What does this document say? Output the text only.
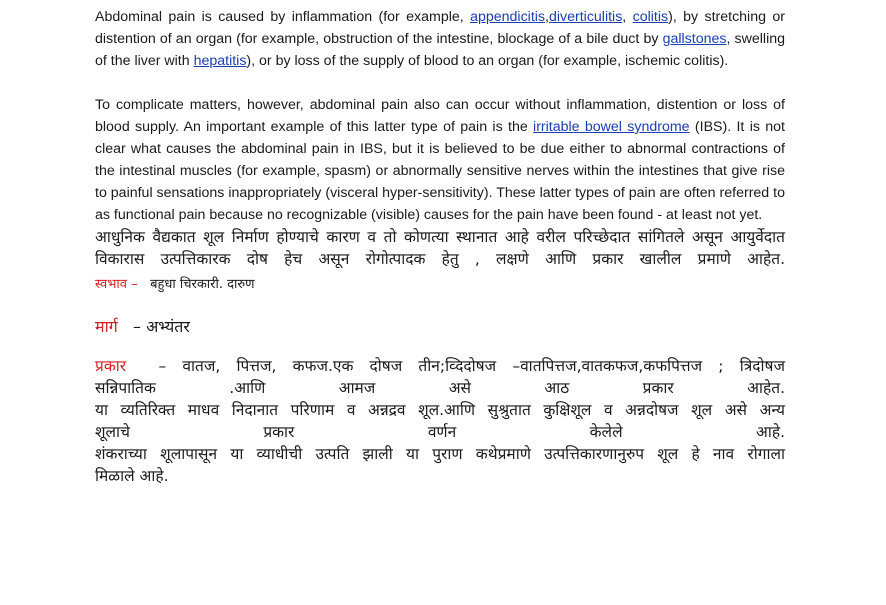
Abdominal pain is caused by inflammation (for example, appendicitis,diverticulitis, colitis), by stretching or distention of an organ (for example, obstruction of the intestine, blockage of a bile duct by gallstones, swelling of the liver with hepatitis), or by loss of the supply of blood to an organ (for example, ischemic colitis).

To complicate matters, however, abdominal pain also can occur without inflammation, distention or loss of blood supply. An important example of this latter type of pain is the irritable bowel syndrome (IBS). It is not clear what causes the abdominal pain in IBS, but it is believed to be due either to abnormal contractions of the intestinal muscles (for example, spasm) or abnormally sensitive nerves within the intestines that give rise to painful sensations inappropriately (visceral hyper-sensitivity). These latter types of pain are often referred to as functional pain because no recognizable (visible) causes for the pain have been found - at least not yet.

आधुनिक वैद्यकात शूल निर्माण होण्याचे कारण व तो कोणत्या स्थानात आहे वरील परिच्छेदात सांगितले असून आयुर्वेदात विकारास उत्पत्तिकारक दोष हेच असून रोगोत्पादक हेतु , लक्षणे आणि प्रकार खालील प्रमाणे आहेत.

स्वभाव – बहुधा चिरकारी. दारुण
मार्ग – अभ्यंतर
प्रकार – वातज, पित्तज, कफज.एक दोषज तीन;व्दिदोषज –वातपित्तज,वातकफज,कफपित्तज ; त्रिदोषज
सन्निपातिक .आणि आमज असे आठ प्रकार आहेत.
या व्यतिरिक्त माधव निदानात परिणाम व अन्नद्रव शूल.आणि सुश्रुतात कुक्षिशूल व अन्नदोषज शूल असे अन्य
शूलाचे प्रकार वर्णन केलेले आहे.
शंकराच्या शूलापासून या व्याधीची उत्पति झाली या पुराण कथेप्रमाणे उत्पत्तिकारणानुरुप शूल हे नाव रोगाला
मिळाले आहे.
